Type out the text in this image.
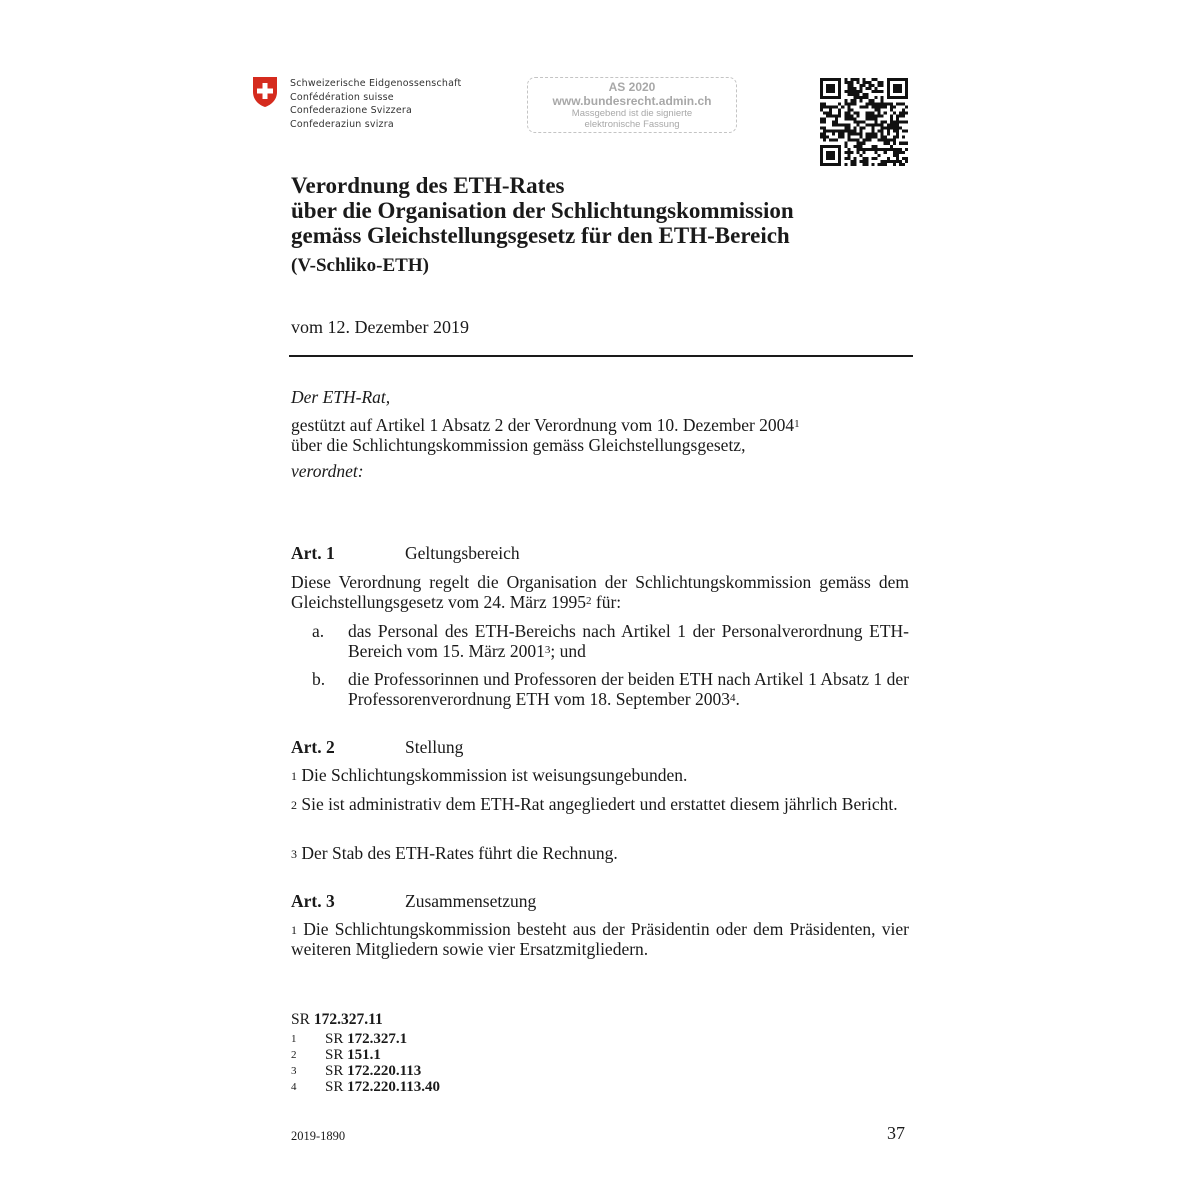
Schweizerische Eidgenossenschaft
Confédération suisse
Confederazione Svizzera
Confederaziun svizra
AS 2020
www.bundesrecht.admin.ch
Massgebend ist die signierte
elektronische Fassung
Verordnung des ETH-Rates
über die Organisation der Schlichtungskommission
gemäss Gleichstellungsgesetz für den ETH-Bereich
(V-Schliko-ETH)
vom 12. Dezember 2019
Der ETH-Rat,
gestützt auf Artikel 1 Absatz 2 der Verordnung vom 10. Dezember 2004$^1$
über die Schlichtungskommission gemäss Gleichstellungsgesetz,
verordnet:
Art. 1	Geltungsbereich
Diese Verordnung regelt die Organisation der Schlichtungskommission gemäss dem Gleichstellungsgesetz vom 24. März 1995$^2$ für:
a. das Personal des ETH-Bereichs nach Artikel 1 der Personalverordnung ETH-Bereich vom 15. März 2001$^3$; und
b. die Professorinnen und Professoren der beiden ETH nach Artikel 1 Absatz 1 der Professorenverordnung ETH vom 18. September 2003$^4$.
Art. 2	Stellung
$^1$ Die Schlichtungskommission ist weisungsungebunden.
$^2$ Sie ist administrativ dem ETH-Rat angegliedert und erstattet diesem jährlich Bericht.
$^3$ Der Stab des ETH-Rates führt die Rechnung.
Art. 3	Zusammensetzung
$^1$ Die Schlichtungskommission besteht aus der Präsidentin oder dem Präsidenten, vier weiteren Mitgliedern sowie vier Ersatzmitgliedern.
SR 172.327.11
1	SR
172.327.1
2	SR
151.1
3	SR
172.220.113
4	SR
172.220.113.40
2019-1890	37
